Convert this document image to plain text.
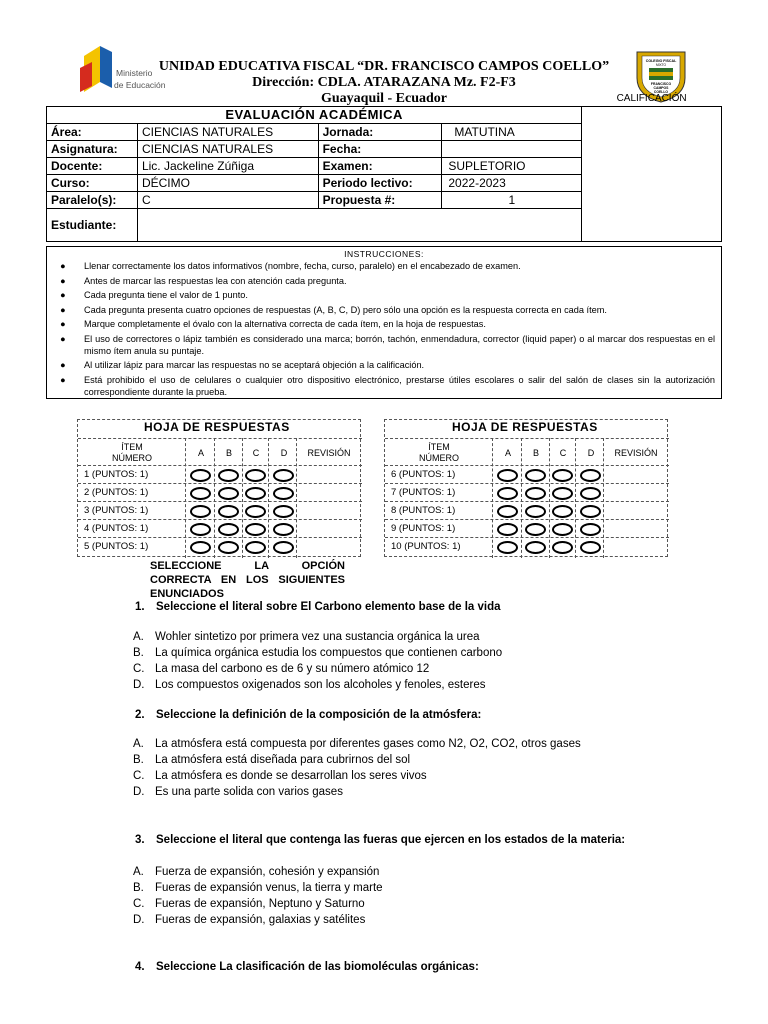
Ministerio
de Educación
COLEGIO FISCAL
MIXTO
FRANCISCO
CAMPOS
COELLO
UNIDAD EDUCATIVA FISCAL “DR. FRANCISCO CAMPOS COELLO”
Dirección: CDLA. ATARAZANA Mz. F2-F3
Guayaquil - Ecuador
EVALUACIÓN ACADÉMICA				CALIFICACIÓN
Área:	CIENCIAS NATURALES	Jornada:	MATUTINA	
Asignatura:	CIENCIAS NATURALES	Fecha:		
Docente:	Lic. Jackeline Zúñiga	Examen:	SUPLETORIO	
Curso:	DÉCIMO	Periodo lectivo:	2022-2023	
Paralelo(s):	C	Propuesta #:	1	
Estudiante:				
INSTRUCCIONES:
● Llenar correctamente los datos informativos (nombre, fecha, curso, paralelo) en el encabezado de examen.
● Antes de marcar las respuestas lea con atención cada pregunta.
● Cada pregunta tiene el valor de 1 punto.
● Cada pregunta presenta cuatro opciones de respuestas (A, B, C, D) pero sólo una opción es la respuesta correcta en cada ítem.
● Marque completamente el óvalo con la alternativa correcta de cada ítem, en la hoja de respuestas.
● El uso de correctores o lápiz también es considerado una marca; borrón, tachón, enmendadura, corrector (liquid paper) o al marcar dos respuestas en el mismo ítem anula su puntaje.
● Al utilizar lápiz para marcar las respuestas no se aceptará objeción a la calificación.
● Está prohibido el uso de celulares o cualquier otro dispositivo electrónico, prestarse útiles escolares o salir del salón de clases sin la autorización correspondiente durante la prueba.
HOJA DE RESPUESTAS
ÍTEM
NÚMERO	A	B	C	D	REVISIÓN
1 (PUNTOS: 1)
2 (PUNTOS: 1)
3 (PUNTOS: 1)
4 (PUNTOS: 1)
5 (PUNTOS: 1)
HOJA DE RESPUESTAS
ÍTEM
NÚMERO	A	B	C	D	REVISIÓN
6 (PUNTOS: 1)
7 (PUNTOS: 1)
8 (PUNTOS: 1)
9 (PUNTOS: 1)
10 (PUNTOS: 1)
SELECCIONE LA OPCIÓN CORRECTA EN LOS SIGUIENTES ENUNCIADOS
1. Seleccione el literal sobre El Carbono elemento base de la vida
A. Wohler sintetizo por primera vez una sustancia orgánica la urea
B. La química orgánica estudia los compuestos que contienen carbono
C. La masa del carbono es de 6 y su número atómico 12
D. Los compuestos oxigenados son los alcoholes y fenoles, esteres
2. Seleccione la definición de la composición de la atmósfera:
A. La atmósfera está compuesta por diferentes gases como N2, O2, CO2, otros gases
B. La atmósfera está diseñada para cubrirnos del sol
C. La atmósfera es donde se desarrollan los seres vivos
D. Es una parte solida con varios gases
3. Seleccione el literal que contenga las fueras que ejercen en los estados de la materia:
A. Fuerza de expansión, cohesión y expansión
B. Fueras de expansión venus, la tierra y marte
C. Fueras de expansión, Neptuno y Saturno
D. Fueras de expansión, galaxias y satélites
4. Seleccione La clasificación de las biomoléculas orgánicas:
